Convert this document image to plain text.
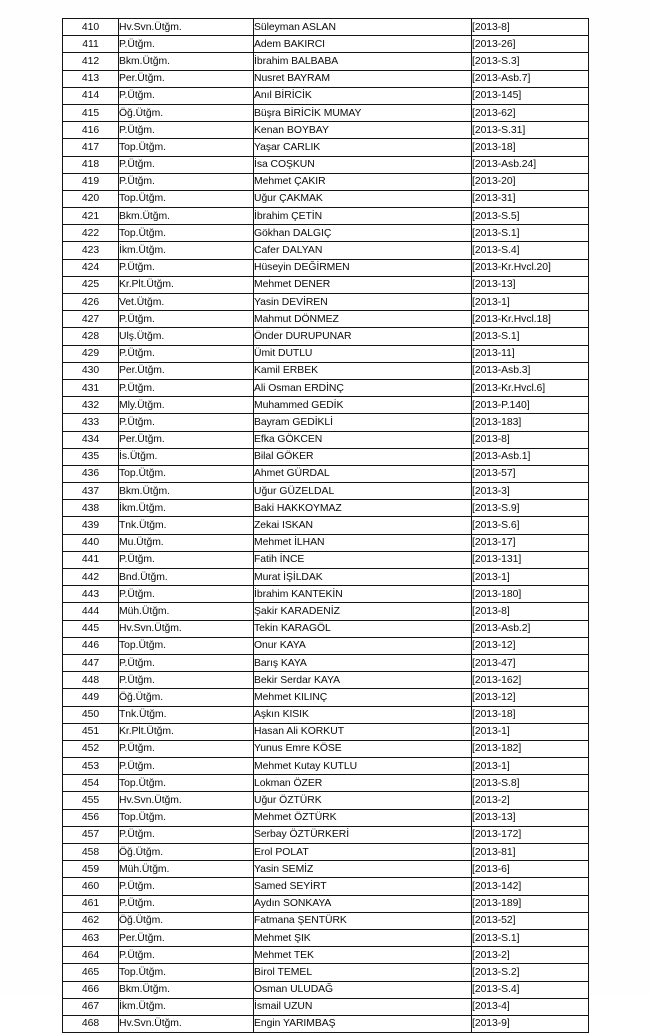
410	Hv.Svn.Ütğm.	Süleyman ASLAN	[2013-8]
411	P.Ütğm.	Adem BAKIRCI	[2013-26]
412	Bkm.Ütğm.	İbrahim BALBABA	[2013-S.3]
413	Per.Ütğm.	Nusret BAYRAM	[2013-Asb.7]
414	P.Ütğm.	Anıl BİRİCİK	[2013-145]
415	Öğ.Ütğm.	Büşra BİRİCİK MUMAY	[2013-62]
416	P.Ütğm.	Kenan BOYBAY	[2013-S.31]
417	Top.Ütğm.	Yaşar CARLIK	[2013-18]
418	P.Ütğm.	İsa COŞKUN	[2013-Asb.24]
419	P.Ütğm.	Mehmet ÇAKIR	[2013-20]
420	Top.Ütğm.	Uğur ÇAKMAK	[2013-31]
421	Bkm.Ütğm.	İbrahim ÇETİN	[2013-S.5]
422	Top.Ütğm.	Gökhan DALGIÇ	[2013-S.1]
423	İkm.Ütğm.	Cafer DALYAN	[2013-S.4]
424	P.Ütğm.	Hüseyin DEĞİRMEN	[2013-Kr.Hvcl.20]
425	Kr.Plt.Ütğm.	Mehmet DENER	[2013-13]
426	Vet.Ütğm.	Yasin DEVİREN	[2013-1]
427	P.Ütğm.	Mahmut DÖNMEZ	[2013-Kr.Hvcl.18]
428	Ulş.Ütğm.	Önder DURUPUNAR	[2013-S.1]
429	P.Ütğm.	Ümit DUTLU	[2013-11]
430	Per.Ütğm.	Kamil ERBEK	[2013-Asb.3]
431	P.Ütğm.	Ali Osman ERDİNÇ	[2013-Kr.Hvcl.6]
432	Mly.Ütğm.	Muhammed GEDİK	[2013-P.140]
433	P.Ütğm.	Bayram GEDİKLİ	[2013-183]
434	Per.Ütğm.	Efka GÖKCEN	[2013-8]
435	İs.Ütğm.	Bilal GÖKER	[2013-Asb.1]
436	Top.Ütğm.	Ahmet GÜRDAL	[2013-57]
437	Bkm.Ütğm.	Uğur GÜZELDAL	[2013-3]
438	İkm.Ütğm.	Baki HAKKOYMAZ	[2013-S.9]
439	Tnk.Ütğm.	Zekai ISKAN	[2013-S.6]
440	Mu.Ütğm.	Mehmet İLHAN	[2013-17]
441	P.Ütğm.	Fatih İNCE	[2013-131]
442	Bnd.Ütğm.	Murat İŞİLDAK	[2013-1]
443	P.Ütğm.	İbrahim KANTEKİN	[2013-180]
444	Müh.Ütğm.	Şakir KARADENİZ	[2013-8]
445	Hv.Svn.Ütğm.	Tekin KARAGÖL	[2013-Asb.2]
446	Top.Ütğm.	Onur KAYA	[2013-12]
447	P.Ütğm.	Barış KAYA	[2013-47]
448	P.Ütğm.	Bekir Serdar KAYA	[2013-162]
449	Öğ.Ütğm.	Mehmet KILINÇ	[2013-12]
450	Tnk.Ütğm.	Aşkın KISIK	[2013-18]
451	Kr.Plt.Ütğm.	Hasan Ali KORKUT	[2013-1]
452	P.Ütğm.	Yunus Emre KÖSE	[2013-182]
453	P.Ütğm.	Mehmet Kutay KUTLU	[2013-1]
454	Top.Ütğm.	Lokman ÖZER	[2013-S.8]
455	Hv.Svn.Ütğm.	Uğur ÖZTÜRK	[2013-2]
456	Top.Ütğm.	Mehmet ÖZTÜRK	[2013-13]
457	P.Ütğm.	Serbay ÖZTÜRKERİ	[2013-172]
458	Öğ.Ütğm.	Erol POLAT	[2013-81]
459	Müh.Ütğm.	Yasin SEMİZ	[2013-6]
460	P.Ütğm.	Samed SEYİRT	[2013-142]
461	P.Ütğm.	Aydın SONKAYA	[2013-189]
462	Öğ.Ütğm.	Fatmana ŞENTÜRK	[2013-52]
463	Per.Ütğm.	Mehmet ŞIK	[2013-S.1]
464	P.Ütğm.	Mehmet TEK	[2013-2]
465	Top.Ütğm.	Birol TEMEL	[2013-S.2]
466	Bkm.Ütğm.	Osman ULUDAĞ	[2013-S.4]
467	İkm.Ütğm.	İsmail UZUN	[2013-4]
468	Hv.Svn.Ütğm.	Engin YARIMBAŞ	[2013-9]
